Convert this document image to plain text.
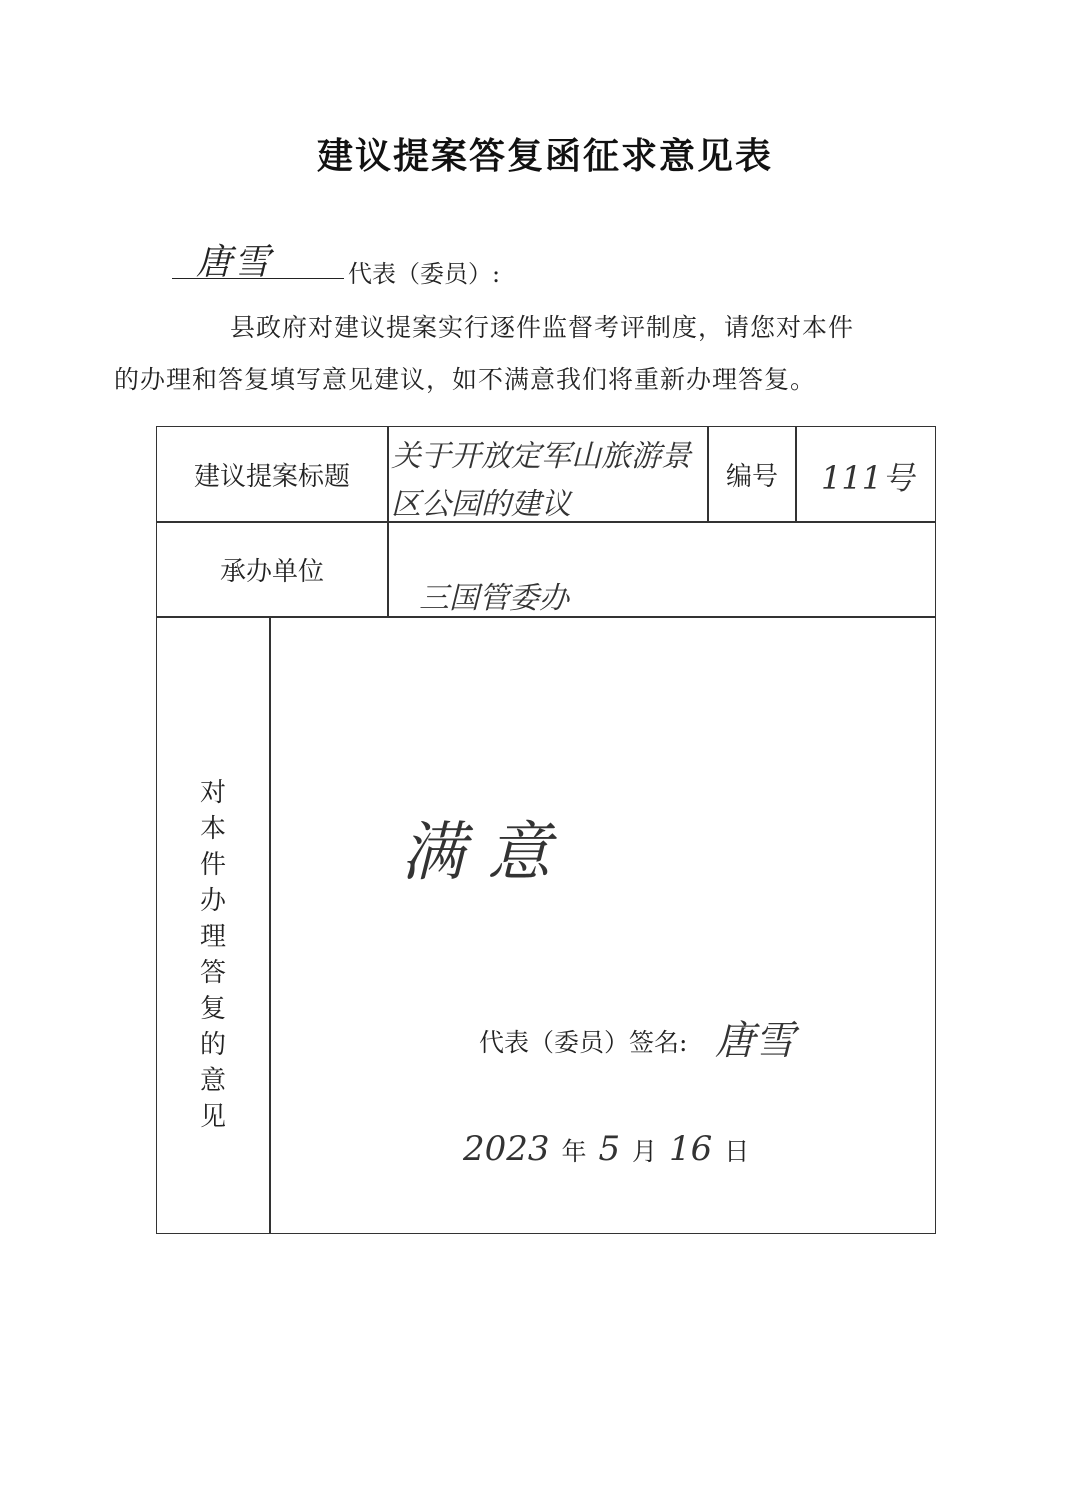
建议提案答复函征求意见表
唐雪	代表（委员）:
县政府对建议提案实行逐件监督考评制度，请您对本件
的办理和答复填写意见建议，如不满意我们将重新办理答复。
建议提案标题
关于开放定军山旅游景
区公园的建议
编号	111号
承办单位
三国管委办
对
本
件
办
理
答
复
的
意
见
满意
代表（委员）签名: 唐雪
2023 年 5 月 16 日
